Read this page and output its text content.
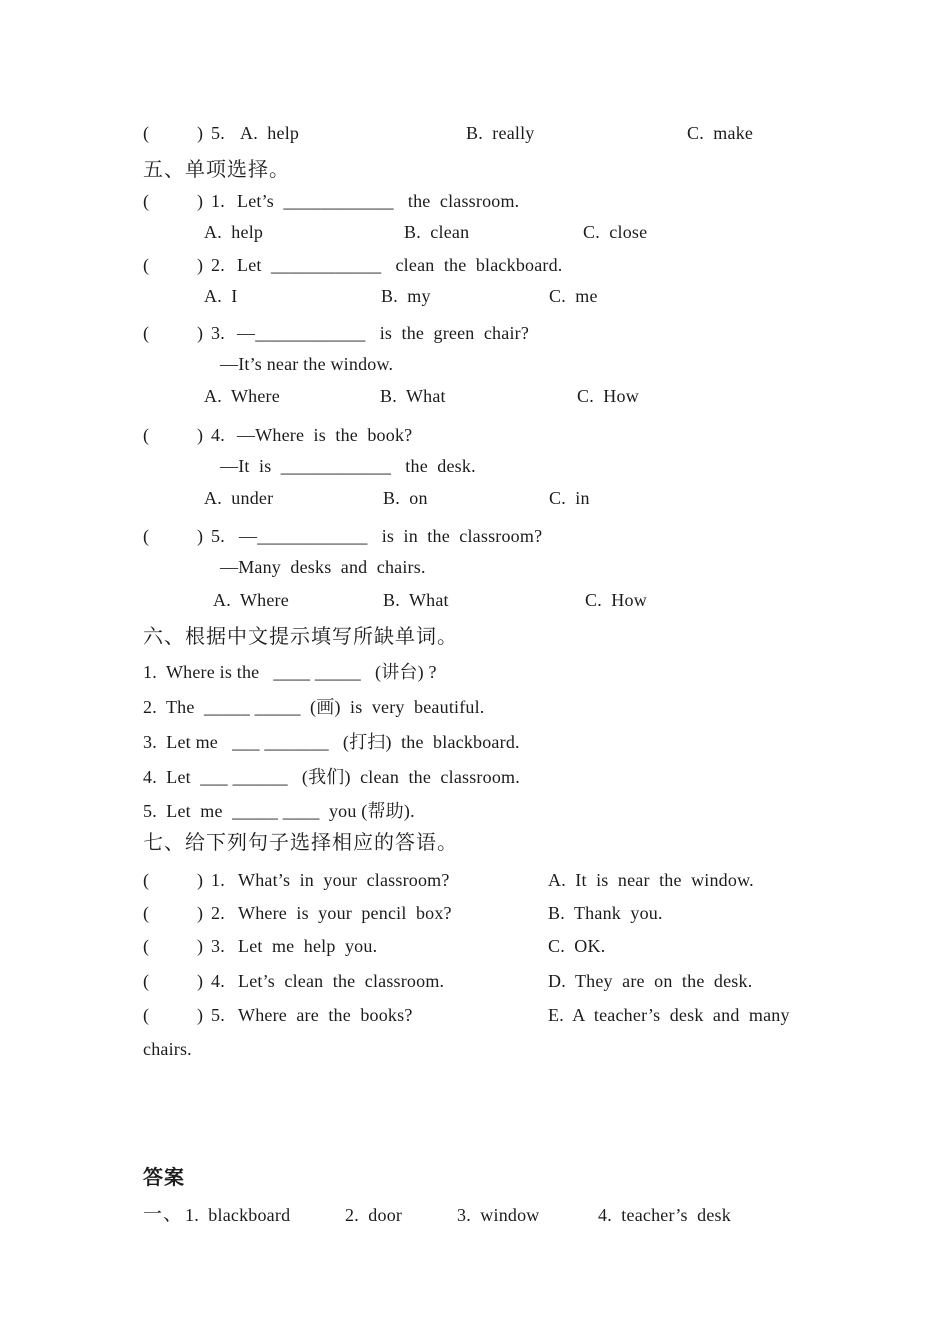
(	) 5. A.  help	B.  really	C.  make
五、单项选择。
(	) 1. Let’s  ____________   the  classroom.
A.  help	B.  clean	C.  close
(	) 2. Let  ____________   clean  the  blackboard.
A.  I	B.  my	C.  me
(	) 3. —____________   is  the  green  chair?
—It’s near the window.
A.  Where	B.  What	C.  How
(	) 4. —Where  is  the  book?
—It  is  ____________   the  desk.
A.  under	B.  on	C.  in
(	) 5. —____________   is  in  the  classroom?
—Many  desks  and  chairs.
A.  Where	B.  What	C.  How
六、根据中文提示填写所缺单词。
1.  Where is the   ____ _____   (讲台) ?
2.  The  _____ _____  (画)  is  very  beautiful.
3.  Let me   ___ _______   (打扫)  the  blackboard.
4.  Let  ___ ______   (我们)  clean  the  classroom.
5.  Let  me  _____ ____  you (帮助).
七、给下列句子选择相应的答语。
(	) 1. What’s  in  your  classroom?	A.  It  is  near  the  window.
(	) 2. Where  is  your  pencil  box?	B.  Thank  you.
(	) 3. Let  me  help  you.	C.  OK.
(	) 4. Let’s  clean  the  classroom.	D.  They  are  on  the  desk.
(	) 5. Where  are  the  books?	E.  A  teacher’s  desk  and  many
chairs.
答案
一、 1.  blackboard	2.  door	3.  window	4.  teacher’s  desk
